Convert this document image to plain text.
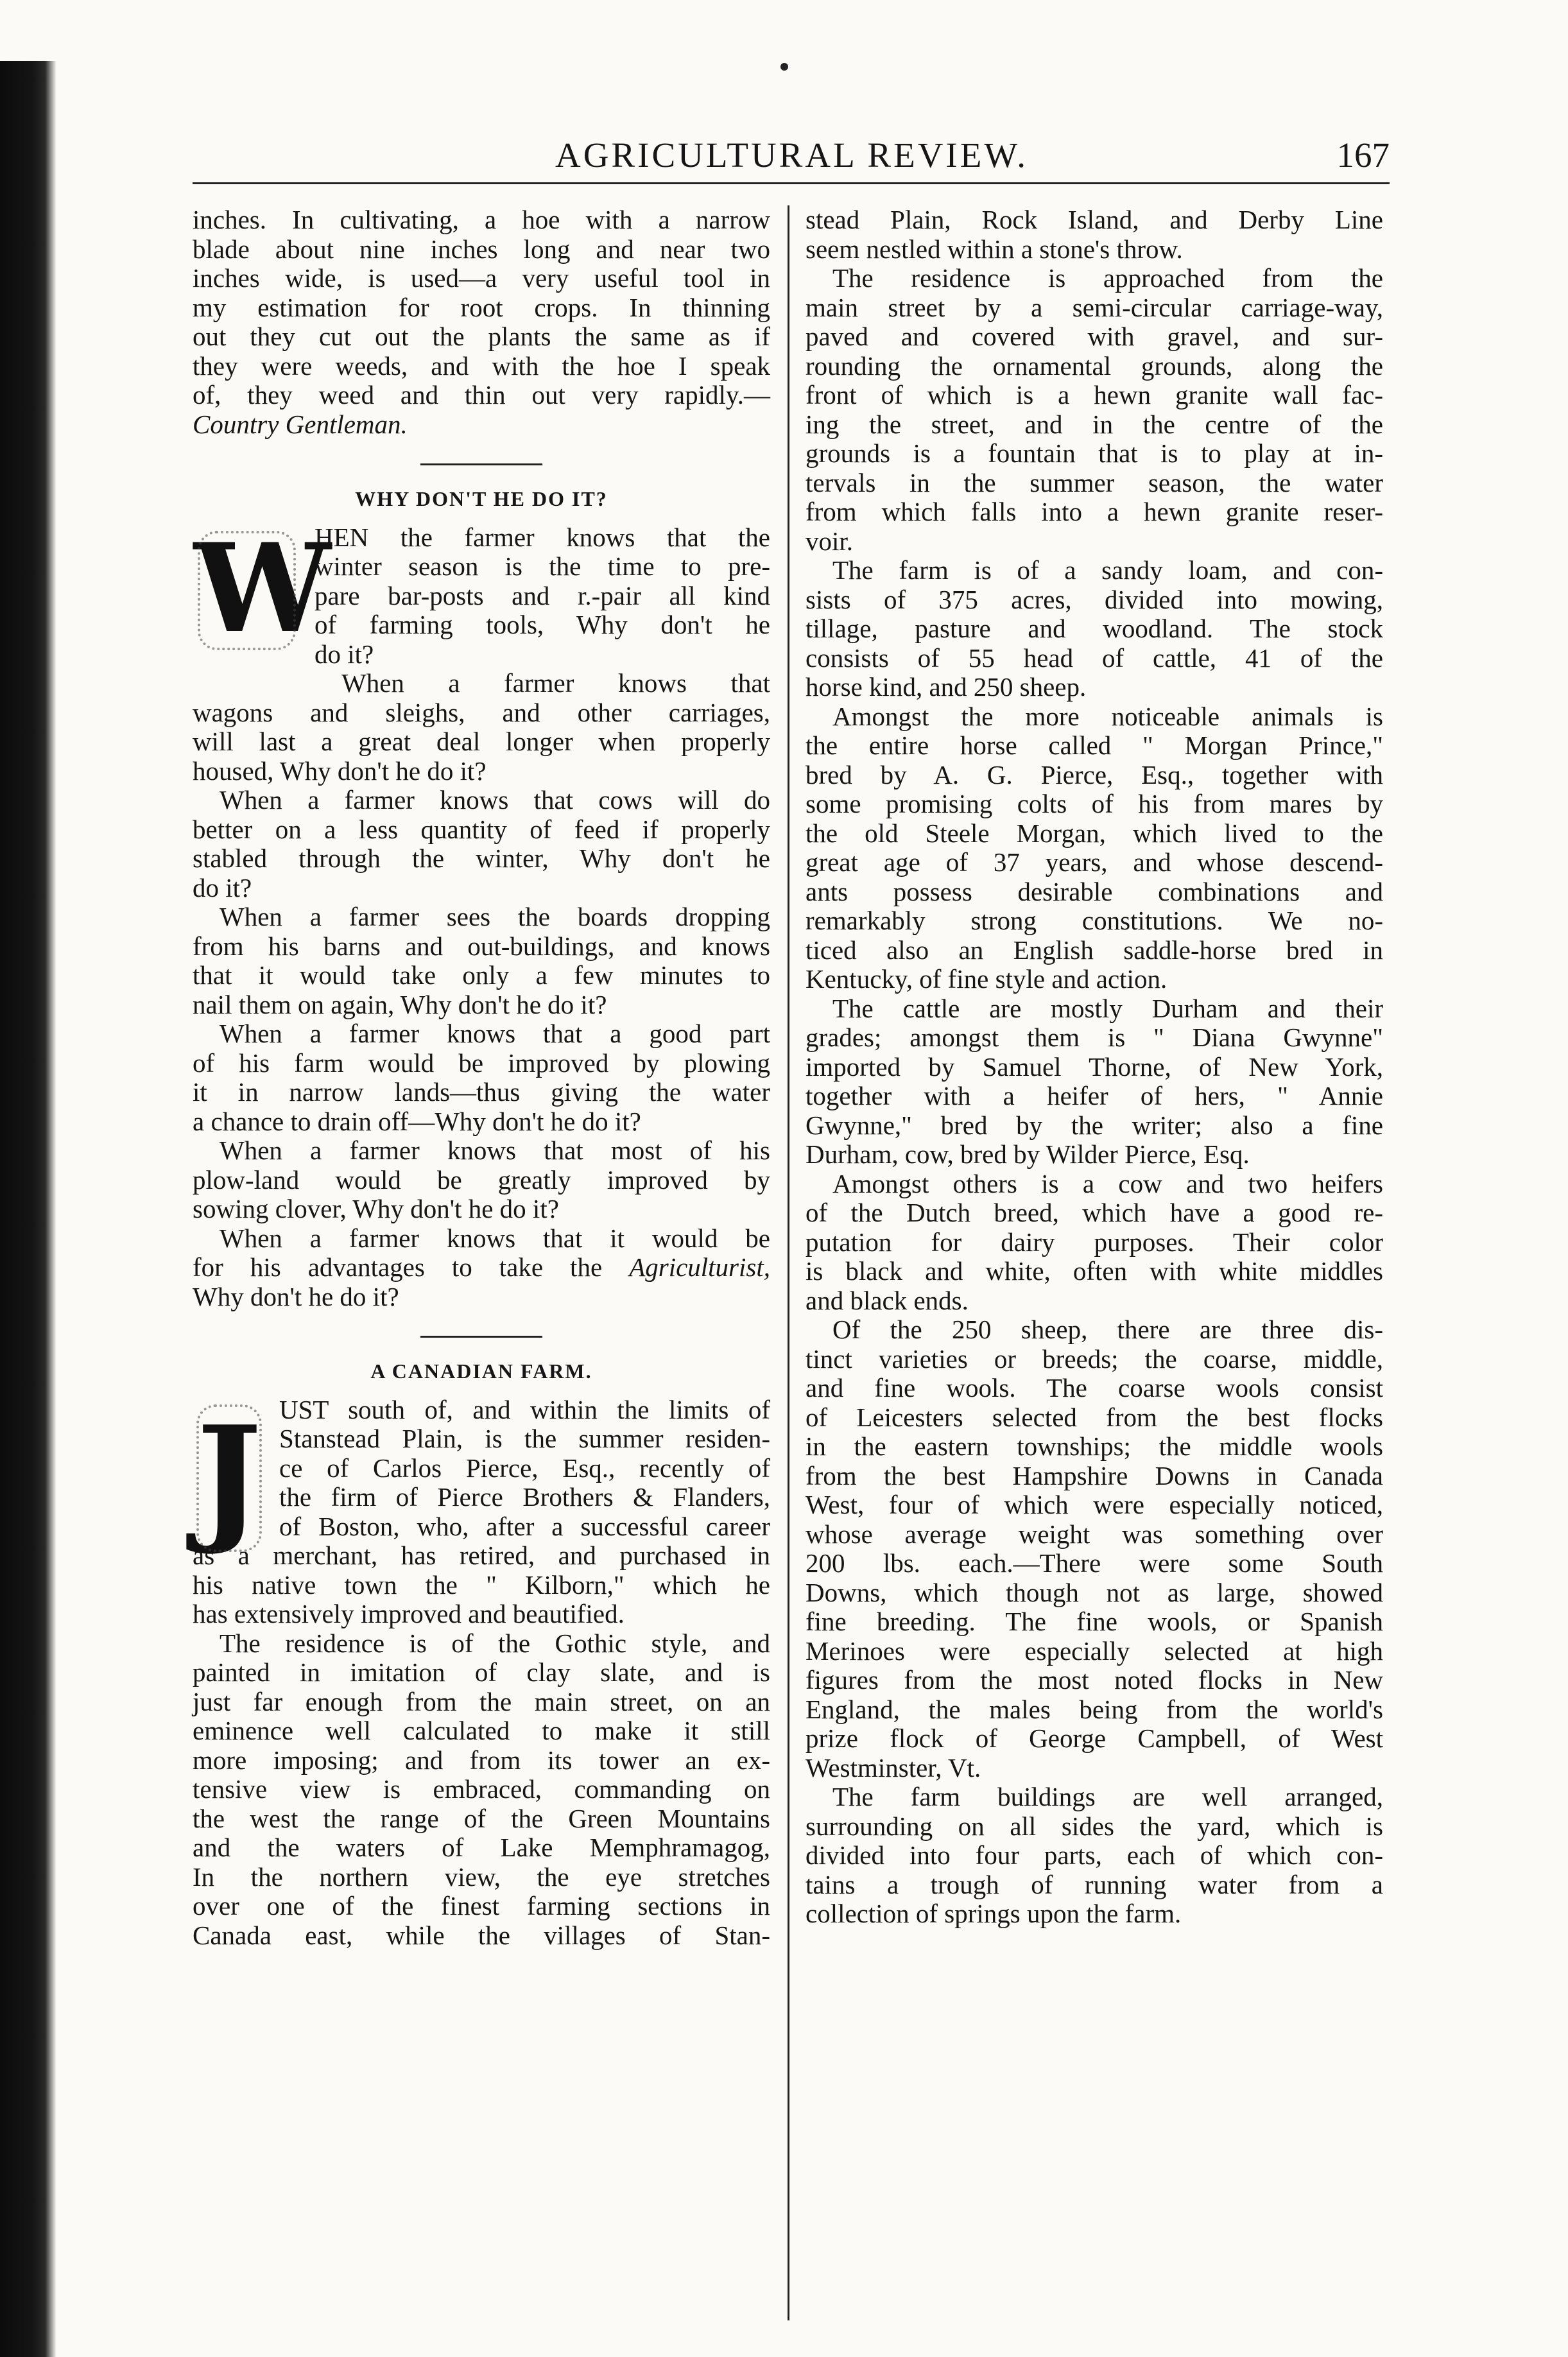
AGRICULTURAL REVIEW.	167
inches. In cultivating, a hoe with a narrow
blade about nine inches long and near two
inches wide, is used—a very useful tool in
my estimation for root crops. In thinning
out they cut out the plants the same as if
they were weeds, and with the hoe I speak
of, they weed and thin out very rapidly.—
Country Gentleman.
WHY DON'T HE DO IT?
W
HEN the farmer knows that the
winter season is the time to pre-
pare bar-posts and r.-pair all kind
of farming tools, Why don't he
do it?
When a farmer knows that
wagons and sleighs, and other carriages,
will last a great deal longer when properly
housed, Why don't he do it?
When a farmer knows that cows will do
better on a less quantity of feed if properly
stabled through the winter, Why don't he
do it?
When a farmer sees the boards dropping
from his barns and out-buildings, and knows
that it would take only a few minutes to
nail them on again, Why don't he do it?
When a farmer knows that a good part
of his farm would be improved by plowing
it in narrow lands—thus giving the water
a chance to drain off—Why don't he do it?
When a farmer knows that most of his
plow-land would be greatly improved by
sowing clover, Why don't he do it?
When a farmer knows that it would be
for his advantages to take the Agriculturist,
Why don't he do it?
A CANADIAN FARM.
J UST south of, and within the limits of
Stanstead Plain, is the summer residen-
ce of Carlos Pierce, Esq., recently of
the firm of Pierce Brothers & Flanders,
of Boston, who, after a successful career
as a merchant, has retired, and purchased in
his native town the " Kilborn," which he
has extensively improved and beautified.
The residence is of the Gothic style, and
painted in imitation of clay slate, and is
just far enough from the main street, on an
eminence well calculated to make it still
more imposing; and from its tower an ex-
tensive view is embraced, commanding on
the west the range of the Green Mountains
and the waters of Lake Memphramagog,
In the northern view, the eye stretches
over one of the finest farming sections in
Canada east, while the villages of Stan-
stead Plain, Rock Island, and Derby Line
seem nestled within a stone's throw.
The residence is approached from the
main street by a semi-circular carriage-way,
paved and covered with gravel, and sur-
rounding the ornamental grounds, along the
front of which is a hewn granite wall fac-
ing the street, and in the centre of the
grounds is a fountain that is to play at in-
tervals in the summer season, the water
from which falls into a hewn granite reser-
voir.
The farm is of a sandy loam, and con-
sists of 375 acres, divided into mowing,
tillage, pasture and woodland. The stock
consists of 55 head of cattle, 41 of the
horse kind, and 250 sheep.
Amongst the more noticeable animals is
the entire horse called " Morgan Prince,"
bred by A. G. Pierce, Esq., together with
some promising colts of his from mares by
the old Steele Morgan, which lived to the
great age of 37 years, and whose descend-
ants possess desirable combinations and
remarkably strong constitutions. We no-
ticed also an English saddle-horse bred in
Kentucky, of fine style and action.
The cattle are mostly Durham and their
grades; amongst them is " Diana Gwynne"
imported by Samuel Thorne, of New York,
together with a heifer of hers, " Annie
Gwynne," bred by the writer; also a fine
Durham, cow, bred by Wilder Pierce, Esq.
Amongst others is a cow and two heifers
of the Dutch breed, which have a good re-
putation for dairy purposes. Their color
is black and white, often with white middles
and black ends.
Of the 250 sheep, there are three dis-
tinct varieties or breeds; the coarse, middle,
and fine wools. The coarse wools consist
of Leicesters selected from the best flocks
in the eastern townships; the middle wools
from the best Hampshire Downs in Canada
West, four of which were especially noticed,
whose average weight was something over
200 lbs. each.—There were some South
Downs, which though not as large, showed
fine breeding. The fine wools, or Spanish
Merinoes were especially selected at high
figures from the most noted flocks in New
England, the males being from the world's
prize flock of George Campbell, of West
Westminster, Vt.
The farm buildings are well arranged,
surrounding on all sides the yard, which is
divided into four parts, each of which con-
tains a trough of running water from a
collection of springs upon the farm.
